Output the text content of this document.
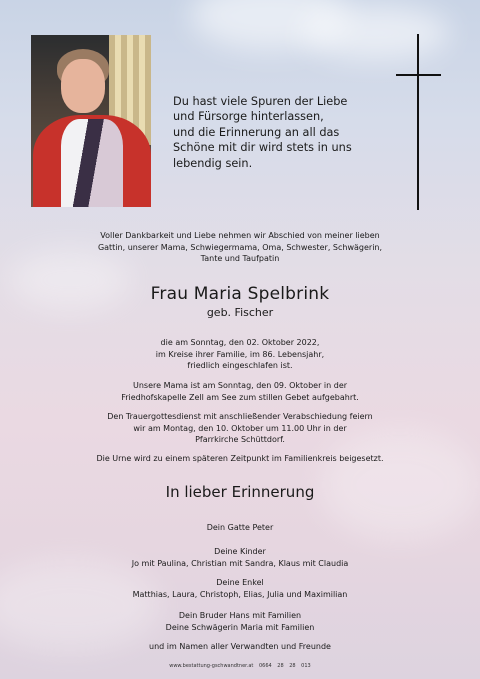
Du hast viele Spuren der Liebe
und Fürsorge hinterlassen,
und die Erinnerung an all das
Schöne mit dir wird stets in uns
lebendig sein.
Voller Dankbarkeit und Liebe nehmen wir Abschied von meiner lieben
Gattin, unserer Mama, Schwiegermama, Oma, Schwester, Schwägerin,
Tante und Taufpatin
Frau Maria Spelbrink
geb. Fischer
die am Sonntag, den 02. Oktober 2022,
im Kreise ihrer Familie, im 86. Lebensjahr,
friedlich eingeschlafen ist.
Unsere Mama ist am Sonntag, den 09. Oktober in der
Friedhofskapelle Zell am See zum stillen Gebet aufgebahrt.
Den Trauergottesdienst mit anschließender Verabschiedung feiern
wir am Montag, den 10. Oktober um 11.00 Uhr in der
Pfarrkirche Schüttdorf.
Die Urne wird zu einem späteren Zeitpunkt im Familienkreis beigesetzt.
In lieber Erinnerung
Dein Gatte Peter
Deine Kinder
Jo mit Paulina, Christian mit Sandra, Klaus mit Claudia
Deine Enkel
Matthias, Laura, Christoph, Elias, Julia und Maximilian
Dein Bruder Hans mit Familien
Deine Schwägerin Maria mit Familien
und im Namen aller Verwandten und Freunde
www.bestattung-gschwandtner.at 0664 28 28 013
